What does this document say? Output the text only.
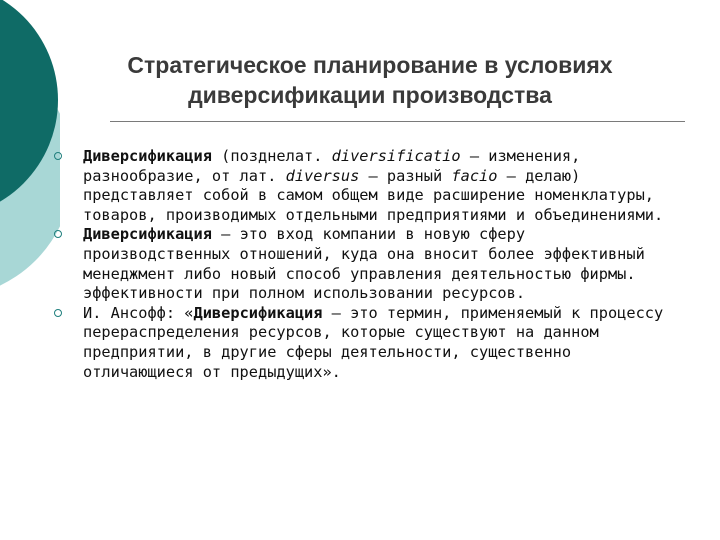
Стратегическое планирование в условиях
диверсификации производства
Диверсификация (позднелат. diversificatio — изменения, разнообразие, от лат. diversus — разный facio — делаю) представляет собой в самом общем виде расширение номенклатуры, товаров, производимых отдельными предприятиями и объединениями.
Диверсификация — это вход компании в новую сферу производственных отношений, куда она вносит более эффективный менеджмент либо новый способ управления деятельностью фирмы. эффективности при полном использовании ресурсов.
И. Ансофф: «Диверсификация — это термин, применяемый к процессу перераспределения ресурсов, которые существуют на данном предприятии, в другие сферы деятельности, существенно отличающиеся от предыдущих».
